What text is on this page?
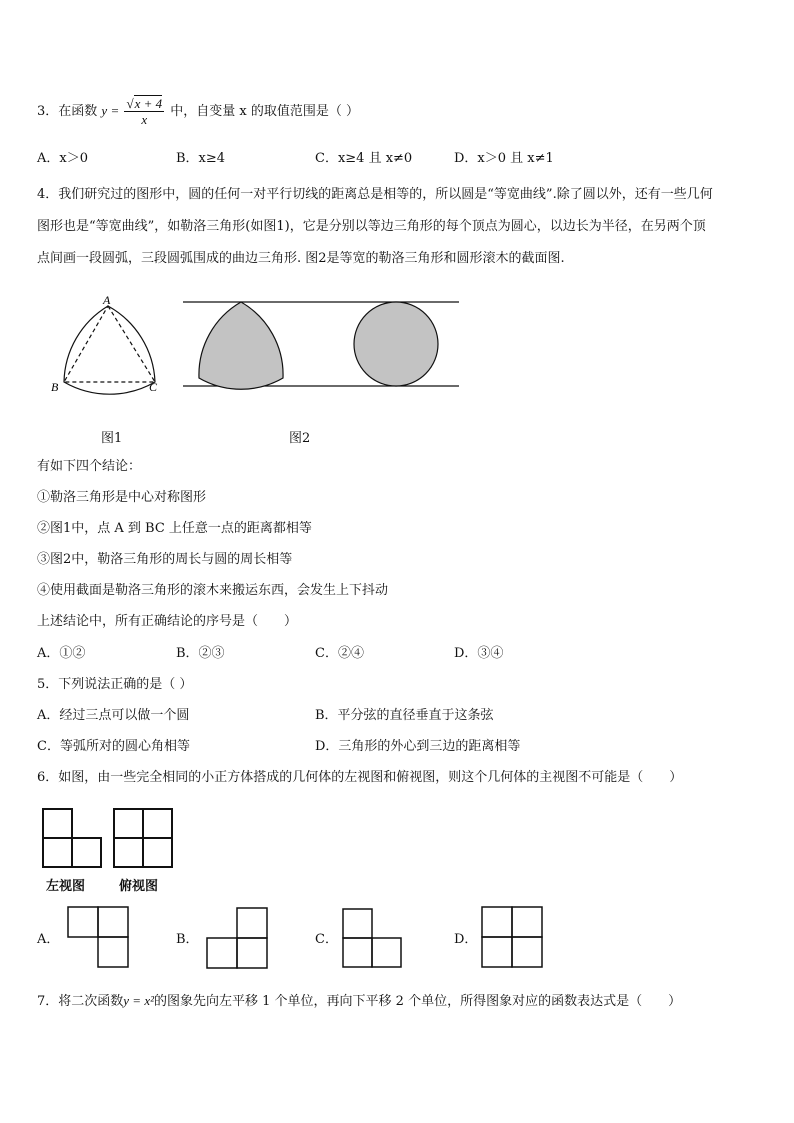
3．在函数 $y = \frac{√x + 4}{x}$ 中，自变量 x 的取值范围是（ ）
A．x＞0	B．x≥4	C．x≥4 且 x≠0	D．x＞0 且 x≠1
4．我们研究过的图形中，圆的任何一对平行切线的距离总是相等的，所以圆是“等宽曲线”.除了圆以外，还有一些几何
图形也是“等宽曲线”，如勒洛三角形(如图1)，它是分别以等边三角形的每个顶点为圆心，以边长为半径，在另两个顶
点间画一段圆弧，三段圆弧围成的曲边三角形. 图2是等宽的勒洛三角形和圆形滚木的截面图.
A
B	C
图1	图2
有如下四个结论：
①勒洛三角形是中心对称图形
②图1中，点 A 到 BC 上任意一点的距离都相等
③图2中，勒洛三角形的周长与圆的周长相等
④使用截面是勒洛三角形的滚木来搬运东西，会发生上下抖动
上述结论中，所有正确结论的序号是（　　）
A．①②	B．②③	C．②④	D．③④
5．下列说法正确的是（ ）
A．经过三点可以做一个圆	B．平分弦的直径垂直于这条弦
C．等弧所对的圆心角相等	D．三角形的外心到三边的距离相等
6．如图，由一些完全相同的小正方体搭成的几何体的左视图和俯视图，则这个几何体的主视图不可能是（　　）
左视图	俯视图
A．	B．	C．	D．
7．将二次函数y = x²的图象先向左平移 1 个单位，再向下平移 2 个单位，所得图象对应的函数表达式是（　　）
